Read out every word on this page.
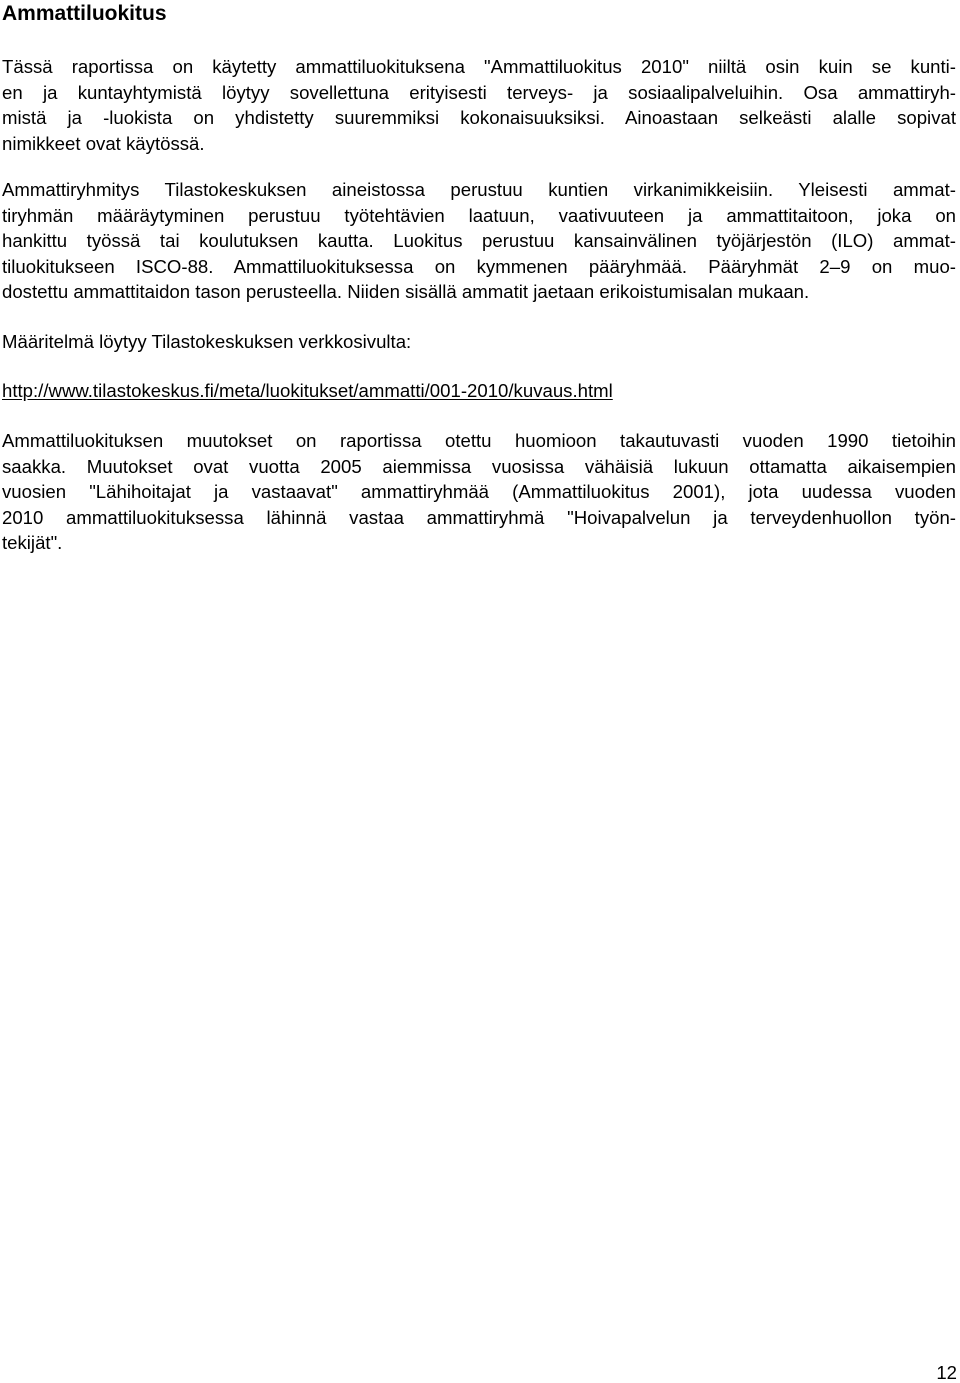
Ammattiluokitus

Tässä raportissa on käytetty ammattiluokituksena "Ammattiluokitus 2010" niiltä osin kuin se kunti-
en ja kuntayhtymistä löytyy sovellettuna erityisesti terveys- ja sosiaalipalveluihin. Osa ammattiryh-
mistä ja -luokista on yhdistetty suuremmiksi kokonaisuuksiksi. Ainoastaan selkeästi alalle sopivat
nimikkeet ovat käytössä.

Ammattiryhmitys Tilastokeskuksen aineistossa perustuu kuntien virkanimikkeisiin. Yleisesti ammat-
tiryhmän määräytyminen perustuu työtehtävien laatuun, vaativuuteen ja ammattitaitoon, joka on
hankittu työssä tai koulutuksen kautta. Luokitus perustuu kansainvälinen työjärjestön (ILO) ammat-
tiluokitukseen ISCO-88. Ammattiluokituksessa on kymmenen pääryhmää. Pääryhmät 2–9 on muo-
dostettu ammattitaidon tason perusteella. Niiden sisällä ammatit jaetaan erikoistumisalan mukaan.

Määritelmä löytyy Tilastokeskuksen verkkosivulta:

http://www.tilastokeskus.fi/meta/luokitukset/ammatti/001-2010/kuvaus.html

Ammattiluokituksen muutokset on raportissa otettu huomioon takautuvasti vuoden 1990 tietoihin
saakka. Muutokset ovat vuotta 2005 aiemmissa vuosissa vähäisiä lukuun ottamatta aikaisempien
vuosien "Lähihoitajat ja vastaavat" ammattiryhmää (Ammattiluokitus 2001), jota uudessa vuoden
2010 ammattiluokituksessa lähinnä vastaa ammattiryhmä "Hoivapalvelun ja terveydenhuollon työn-
tekijät".

12
